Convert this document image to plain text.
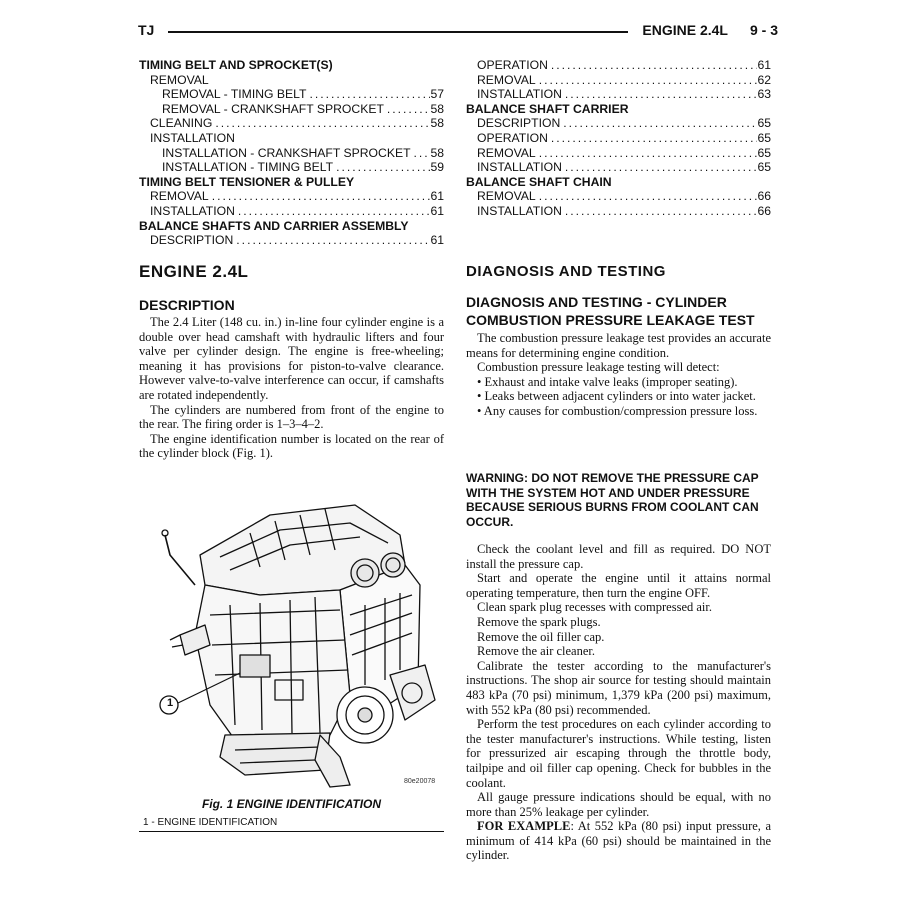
TJ	ENGINE 2.4L 9 - 3
TIMING BELT AND SPROCKET(S)
REMOVAL
REMOVAL - TIMING BELT .....	57
REMOVAL - CRANKSHAFT SPROCKET .....	58
CLEANING .....	58
INSTALLATION
INSTALLATION - CRANKSHAFT SPROCKET ..... 58
INSTALLATION - TIMING BELT .....	59
TIMING BELT TENSIONER & PULLEY
REMOVAL .....	61
INSTALLATION .....	61
BALANCE SHAFTS AND CARRIER ASSEMBLY
DESCRIPTION .....	61
OPERATION .....	61
REMOVAL .....	62
INSTALLATION .....	63
BALANCE SHAFT CARRIER
DESCRIPTION .....	65
OPERATION .....	65
REMOVAL .....	65
INSTALLATION .....	65
BALANCE SHAFT CHAIN
REMOVAL .....	66
INSTALLATION .....	66
ENGINE 2.4L
DESCRIPTION

The 2.4 Liter (148 cu. in.) in-line four cylinder engine is a double over head camshaft with hydraulic lifters and four valve per cylinder design. The engine is free-wheeling; meaning it has provisions for piston-to-valve clearance. However valve-to-valve interference can occur, if camshafts are rotated independently.

The cylinders are numbered from front of the engine to the rear. The firing order is 1–3–4–2.

The engine identification number is located on the rear of the cylinder block (Fig. 1).

1
80e20078
Fig. 1 ENGINE IDENTIFICATION
1 - ENGINE IDENTIFICATION
DIAGNOSIS AND TESTING
DIAGNOSIS AND TESTING - CYLINDER COMBUSTION PRESSURE LEAKAGE TEST

The combustion pressure leakage test provides an accurate means for determining engine condition.

Combustion pressure leakage testing will detect:

• Exhaust and intake valve leaks (improper seating).

• Leaks between adjacent cylinders or into water jacket.

• Any causes for combustion/compression pressure loss.

WARNING: DO NOT REMOVE THE PRESSURE CAP WITH THE SYSTEM HOT AND UNDER PRESSURE BECAUSE SERIOUS BURNS FROM COOLANT CAN OCCUR.

Check the coolant level and fill as required. DO NOT install the pressure cap.

Start and operate the engine until it attains normal operating temperature, then turn the engine OFF.

Clean spark plug recesses with compressed air.

Remove the spark plugs.

Remove the oil filler cap.

Remove the air cleaner.

Calibrate the tester according to the manufacturer's instructions. The shop air source for testing should maintain 483 kPa (70 psi) minimum, 1,379 kPa (200 psi) maximum, with 552 kPa (80 psi) recommended.

Perform the test procedures on each cylinder according to the tester manufacturer's instructions. While testing, listen for pressurized air escaping through the throttle body, tailpipe and oil filler cap opening. Check for bubbles in the coolant.

All gauge pressure indications should be equal, with no more than 25% leakage per cylinder.

FOR EXAMPLE: At 552 kPa (80 psi) input pressure, a minimum of 414 kPa (60 psi) should be maintained in the cylinder.
